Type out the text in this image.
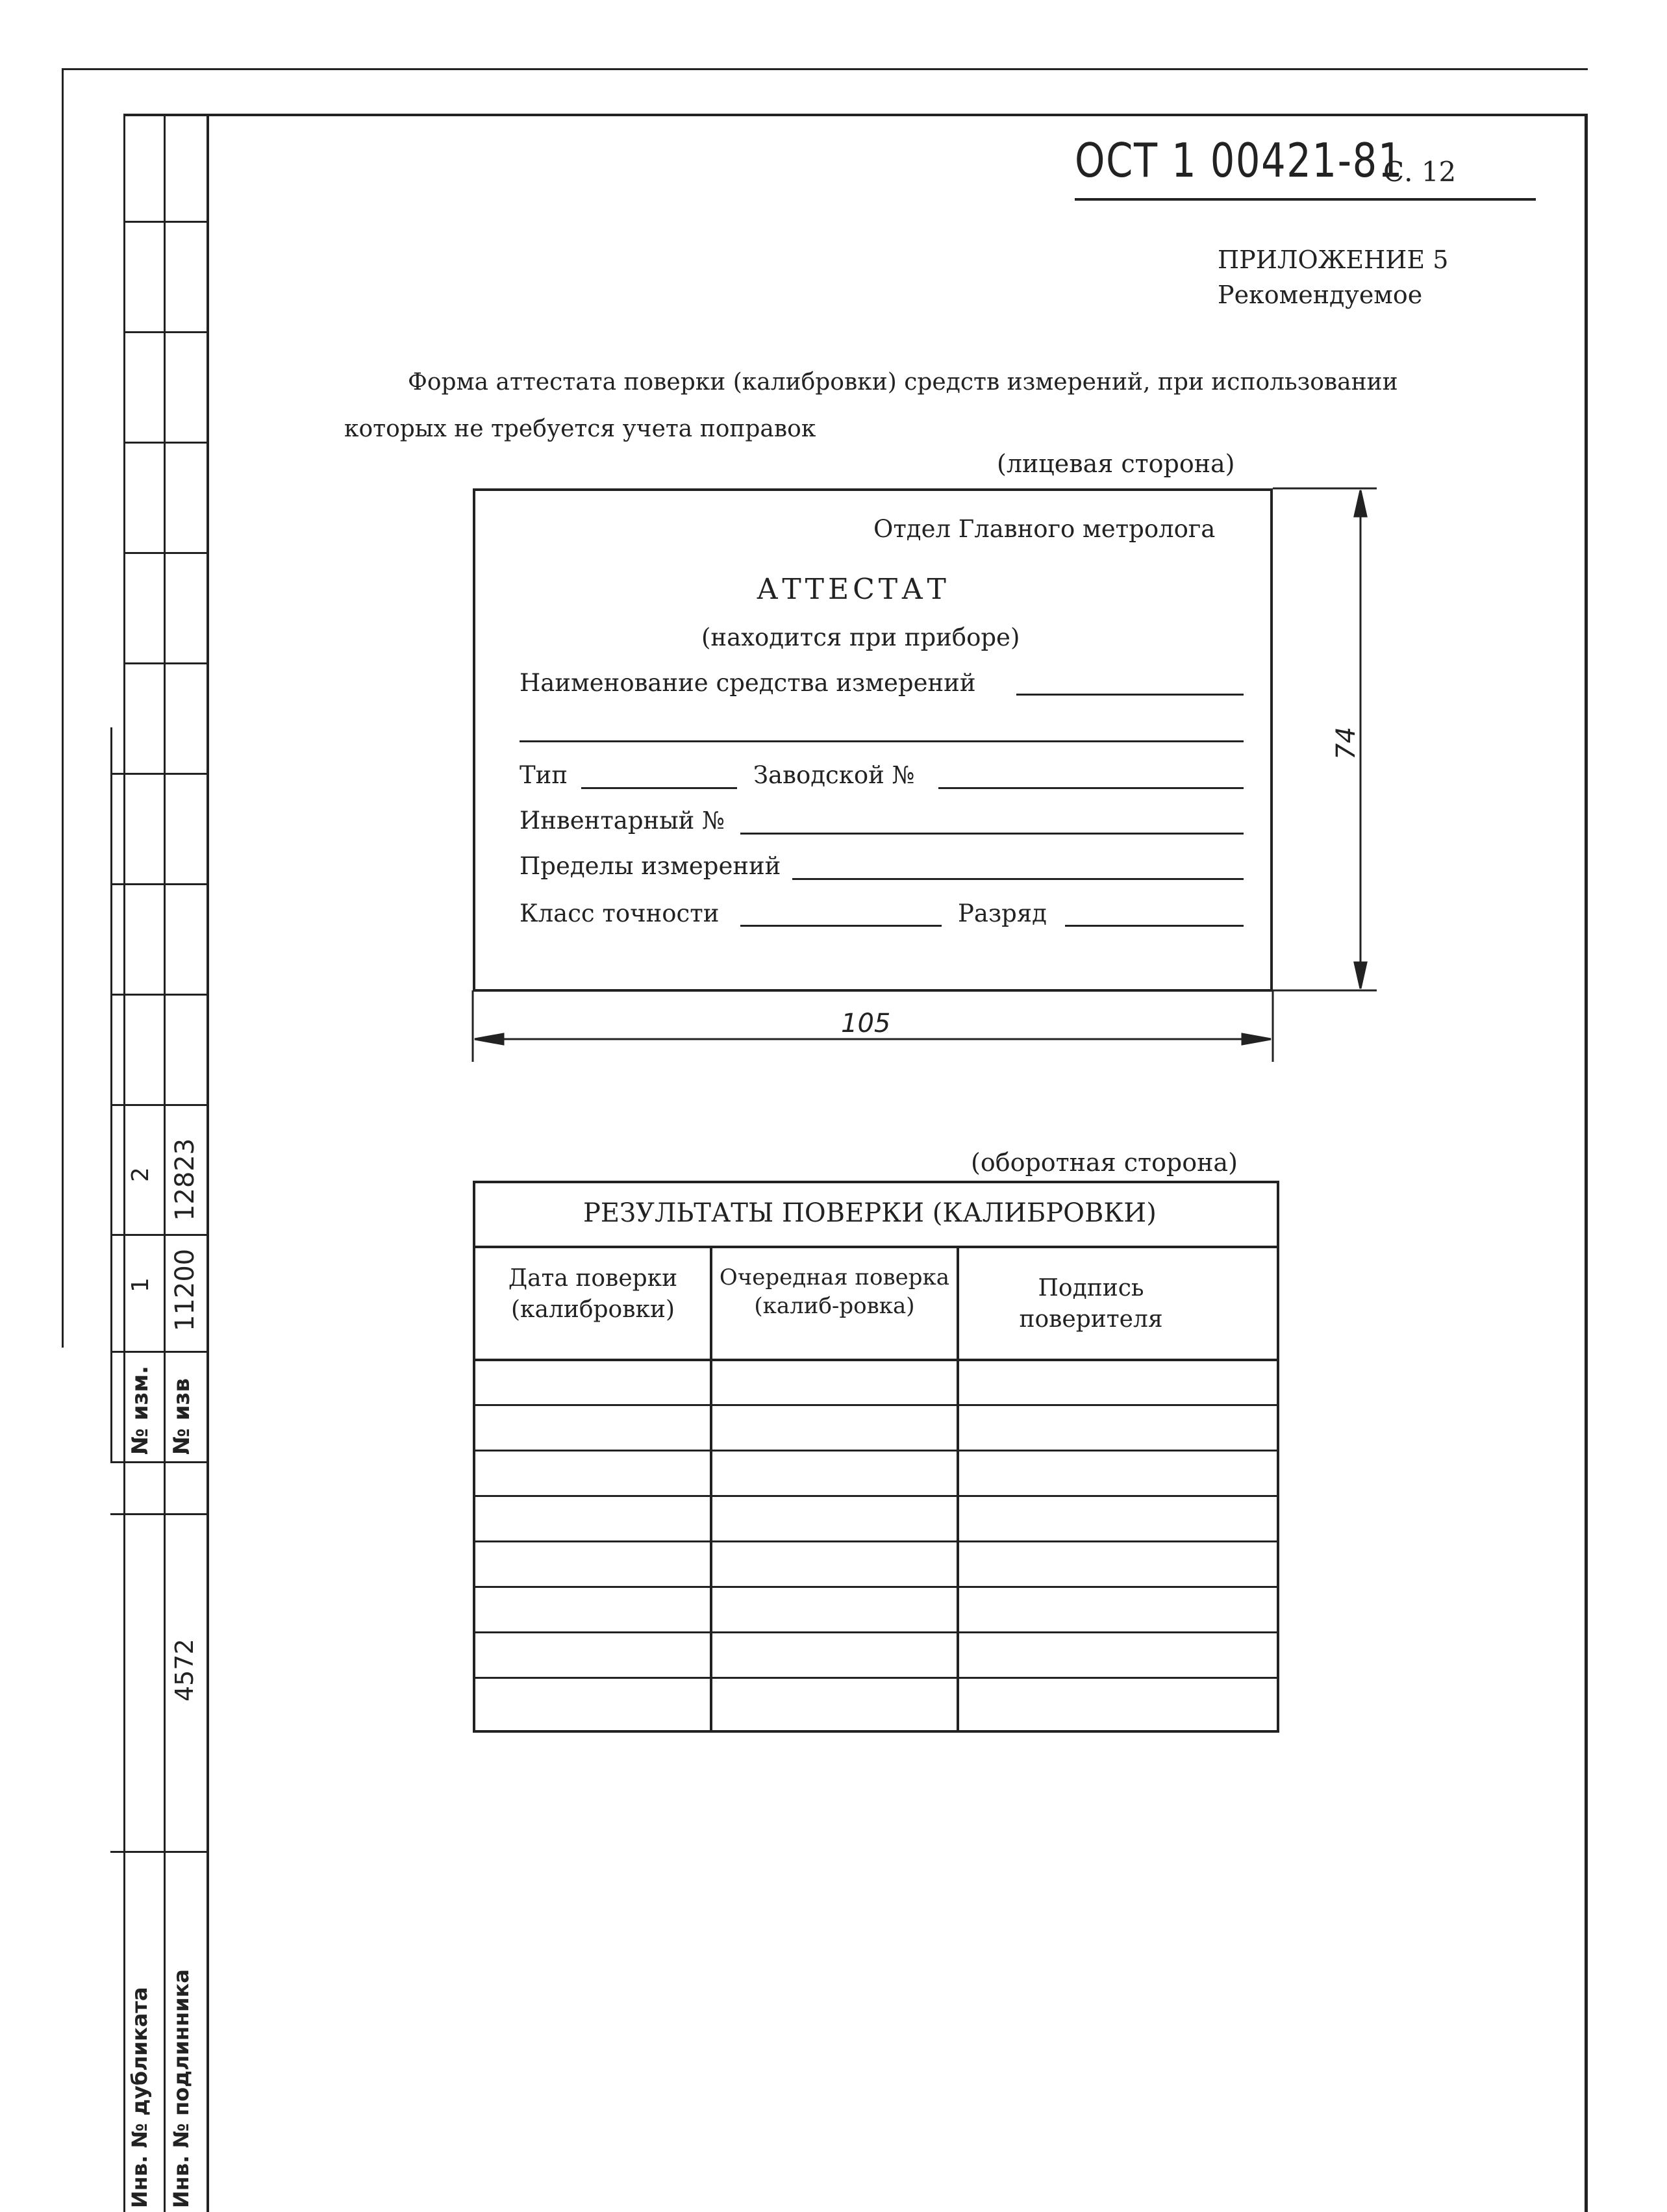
№ изм. № изв
1
2
11200
12823
4572
Инв. № дубликата Инв. № подлинника
ОСТ 1 00421-81
С. 12
ПРИЛОЖЕНИЕ 5
Рекомендуемое
Форма аттестата поверки (калибровки) средств измерений, при использовании
которых не требуется учета поправок
(лицевая сторона)
Отдел Главного метролога
АТТЕСТАТ
(находится при приборе)
Наименование средства измерений
Тип	Заводской №
Инвентарный №
Пределы измерений
Класс точности	Разряд
74
105
(оборотная сторона)
РЕЗУЛЬТАТЫ ПОВЕРКИ (КАЛИБРОВКИ)
Дата поверки (калибровки)
Очередная поверка (калиб-ровка)
Подпись поверителя
